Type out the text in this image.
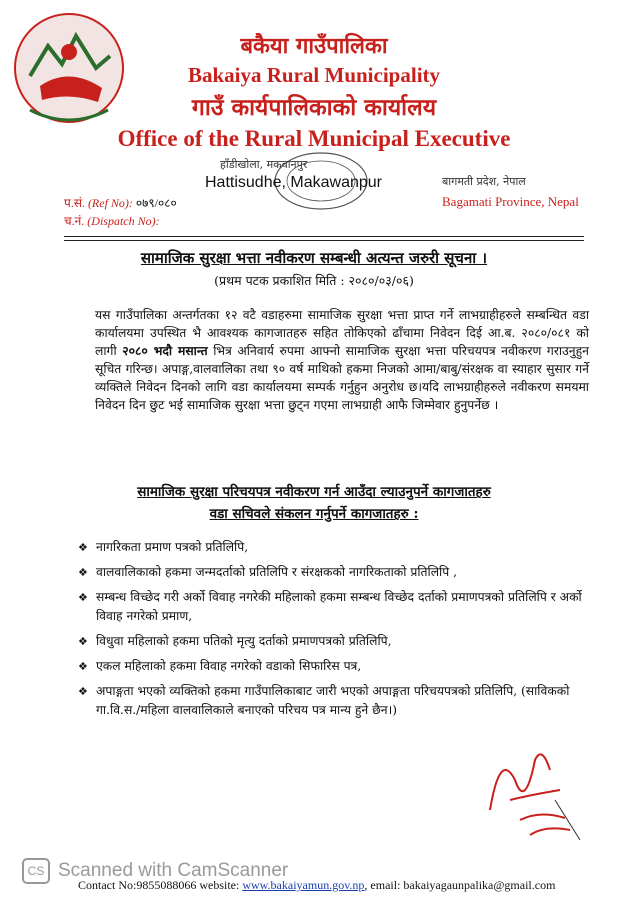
बकैया गाउँपालिका
Bakaiya Rural Municipality
गाउँ कार्यपालिकाको कार्यालय
Office of the Rural Municipal Executive
हाँडीखोला, मकवानपुर
Hattisudhe, Makawanpur	बागमती प्रदेश, नेपाल
Bagamati Province, Nepal
प.सं. (Ref No): ०७९/०८०
च.नं. (Dispatch No):
सामाजिक सुरक्षा भत्ता नवीकरण सम्बन्धी अत्यन्त जरुरी सूचना ।
(प्रथम पटक प्रकाशित मिति : २०८०/०३/०६)
यस गाउँपालिका अन्तर्गतका १२ वटै वडाहरुमा सामाजिक सुरक्षा भत्ता प्राप्त गर्ने लाभग्राहीहरुले सम्बन्धित वडा कार्यालयमा उपस्थित भै आवश्यक कागजातहरु सहित तोकिएको ढाँचामा निवेदन दिई आ.ब. २०८०/०८१ को लागी २०८० भदौ मसान्त भित्र अनिवार्य रुपमा आफ्नो सामाजिक सुरक्षा भत्ता परिचयपत्र नवीकरण गराउनुहुन सूचित गरिन्छ। अपाङ्ग,वालवालिका तथा ९० वर्ष माथिको हकमा निजको आमा/बाबु/संरक्षक वा स्याहार सुसार गर्ने व्यक्तिले निवेदन दिनको लागि वडा कार्यालयमा सम्पर्क गर्नुहुन अनुरोध छ।यदि लाभग्राहीहरुले नवीकरण समयमा निवेदन दिन छुट भई सामाजिक सुरक्षा भत्ता छुट्न गएमा लाभग्राही आफै जिम्मेवार हुनुपर्नेछ ।
सामाजिक सुरक्षा परिचयपत्र नवीकरण गर्न आउँदा ल्याउनुपर्ने कागजातहरु
वडा सचिवले संकलन गर्नुपर्ने कागजातहरु :
❖ नागरिकता प्रमाण पत्रको प्रतिलिपि,
❖ वालवालिकाको हकमा जन्मदर्ताको प्रतिलिपि र संरक्षकको नागरिकताको प्रतिलिपि ,
❖ सम्बन्ध विच्छेद गरी अर्को विवाह नगरेकी महिलाको हकमा सम्बन्ध विच्छेद दर्ताको प्रमाणपत्रको प्रतिलिपि र अर्को विवाह नगरेको प्रमाण,
❖ विधुवा महिलाको हकमा पतिको मृत्यु दर्ताको प्रमाणपत्रको प्रतिलिपि,
❖ एकल महिलाको हकमा विवाह नगरेको वडाको सिफारिस पत्र,
❖ अपाङ्गता भएको व्यक्तिको हकमा गाउँपालिकाबाट जारी भएको अपाङ्गता परिचयपत्रको प्रतिलिपि, (साविकको गा.वि.स./महिला वालवालिकाले बनाएको परिचय पत्र मान्य हुने छैन।)
CS Scanned with CamScanner
Contact No:9855088066 website: www.bakaiyamun.gov.np, email: bakaiyagaunpalika@gmail.com
